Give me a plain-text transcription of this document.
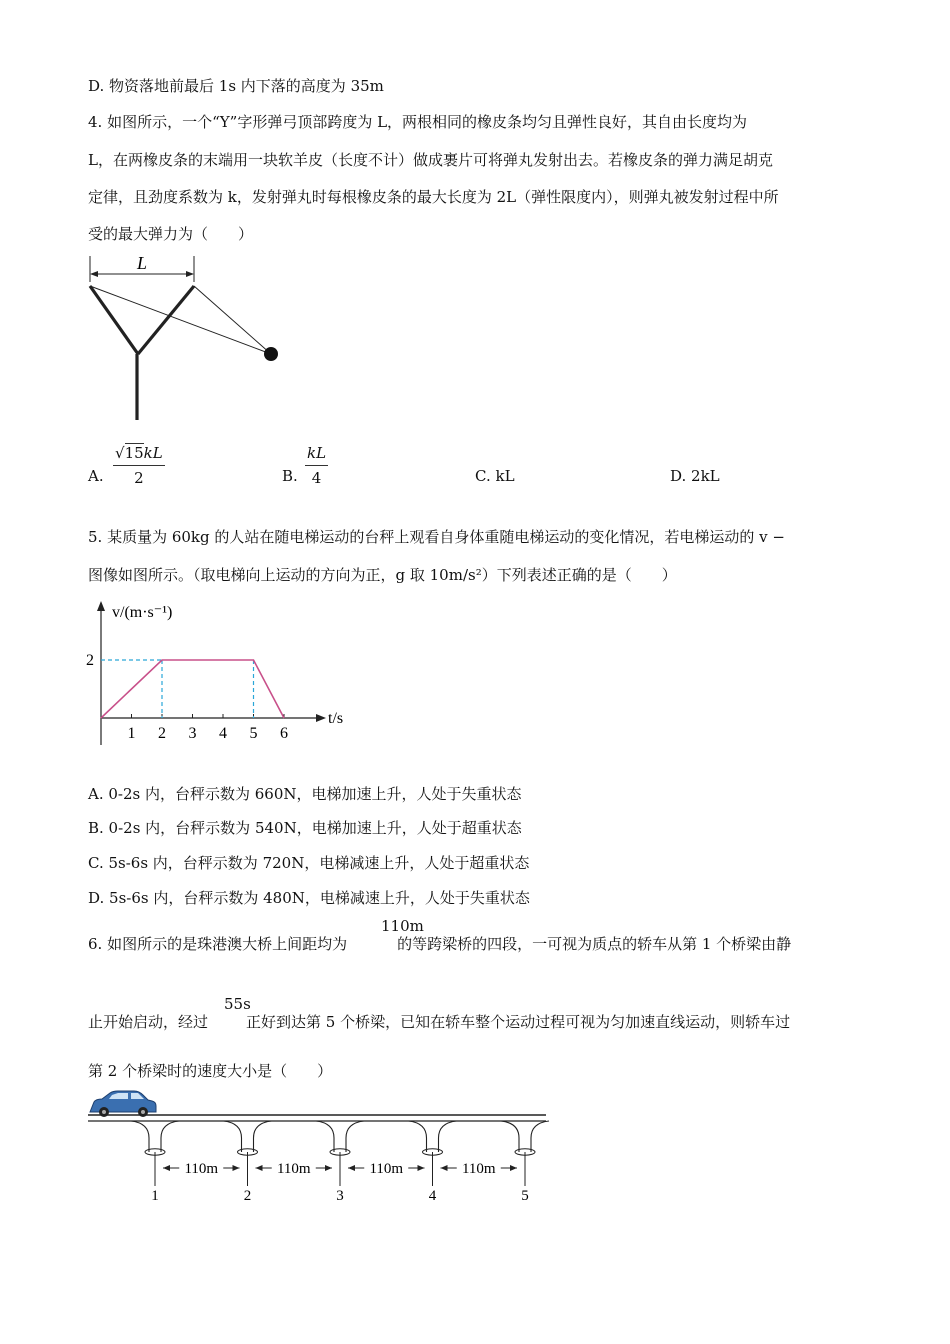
D. 物资落地前最后 1s 内下落的高度为 35m
4. 如图所示，一个“Y”字形弹弓顶部跨度为 L，两根相同的橡皮条均匀且弹性良好，其自由长度均为
L，在两橡皮条的末端用一块软羊皮（长度不计）做成裹片可将弹丸发射出去。若橡皮条的弹力满足胡克
定律，且劲度系数为 k，发射弹丸时每根橡皮条的最大长度为 2L（弹性限度内），则弹丸被发射过程中所
受的最大弹力为（　　）
L
A.
√15kL
2	B.
kL
4	C. kL	D. 2kL
5. 某质量为 60kg 的人站在随电梯运动的台秤上观看自身体重随电梯运动的变化情况，若电梯运动的 v −
图像如图所示。（取电梯向上运动的方向为正，g 取 10m/s²）下列表述正确的是（　　）
v/(m·s⁻¹)
t/s
1 2 3 4 5 6
2
A. 0-2s 内，台秤示数为 660N，电梯加速上升，人处于失重状态
B. 0-2s 内，台秤示数为 540N，电梯加速上升，人处于超重状态
C. 5s-6s 内，台秤示数为 720N，电梯减速上升，人处于超重状态
D. 5s-6s 内，台秤示数为 480N，电梯减速上升，人处于失重状态
6. 如图所示的是珠港澳大桥上间距均为	的等跨梁桥的四段，一可视为质点的轿车从第 1 个桥梁由静
110m
止开始启动，经过	正好到达第 5 个桥梁，已知在轿车整个运动过程可视为匀加速直线运动，则轿车过
55s
第 2 个桥梁时的速度大小是（　　）
1	2	3	4	5
110m	110m	110m	110m
